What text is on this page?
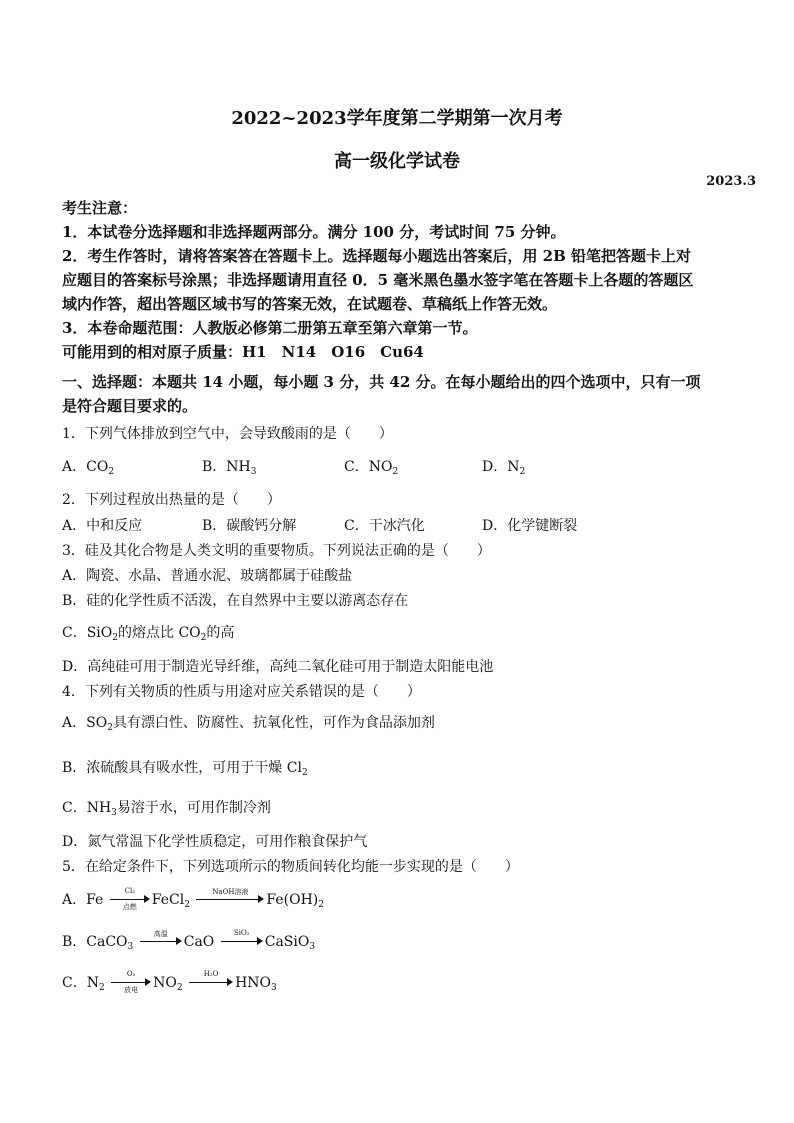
2022~2023学年度第二学期第一次月考
高一级化学试卷
2023.3
考生注意：
1．本试卷分选择题和非选择题两部分。满分 100 分，考试时间 75 分钟。
2．考生作答时，请将答案答在答题卡上。选择题每小题选出答案后，用 2B 铅笔把答题卡上对
应题目的答案标号涂黑；非选择题请用直径 0．5 毫米黑色墨水签字笔在答题卡上各题的答题区
域内作答，超出答题区域书写的答案无效，在试题卷、草稿纸上作答无效。
3．本卷命题范围：人教版必修第二册第五章至第六章第一节。
可能用到的相对原子质量：H1　N14　O16　Cu64
一、选择题：本题共 14 小题，每小题 3 分，共 42 分。在每小题给出的四个选项中，只有一项
是符合题目要求的。
1．下列气体排放到空气中，会导致酸雨的是（　　）
A．$CO_2$	B．$NH_3$	C．$NO_2$	D．$N_2$
2．下列过程放出热量的是（　　）
A．中和反应	B．碳酸钙分解	C．干冰汽化	D．化学键断裂
3．硅及其化合物是人类文明的重要物质。下列说法正确的是（　　）
A．陶瓷、水晶、普通水泥、玻璃都属于硅酸盐
B．硅的化学性质不活泼，在自然界中主要以游离态存在
C．SiO$_2$的熔点比 $CO_2$的高
D．高纯硅可用于制造光导纤维，高纯二氧化硅可用于制造太阳能电池
4．下列有关物质的性质与用途对应关系错误的是（　　）
A．$SO_2$具有漂白性、防腐性、抗氧化性，可作为食品添加剂
B．浓硫酸具有吸水性，可用于干燥 $Cl_2$
C．$NH_3$易溶于水，可用作制冷剂
D．氮气常温下化学性质稳定，可用作粮食保护气
5．在给定条件下，下列选项所示的物质间转化均能一步实现的是（　　）
A．Fe
Cl₂
点燃	FeCl$_2$
NaOH溶液	$Fe(OH)_2$
B．CaCO$_3$
高温	CaO
SiO₂
CaSiO$_3$
C．$N_2$
O₂
放电	$NO_2$
H₂O
$HNO_3$
